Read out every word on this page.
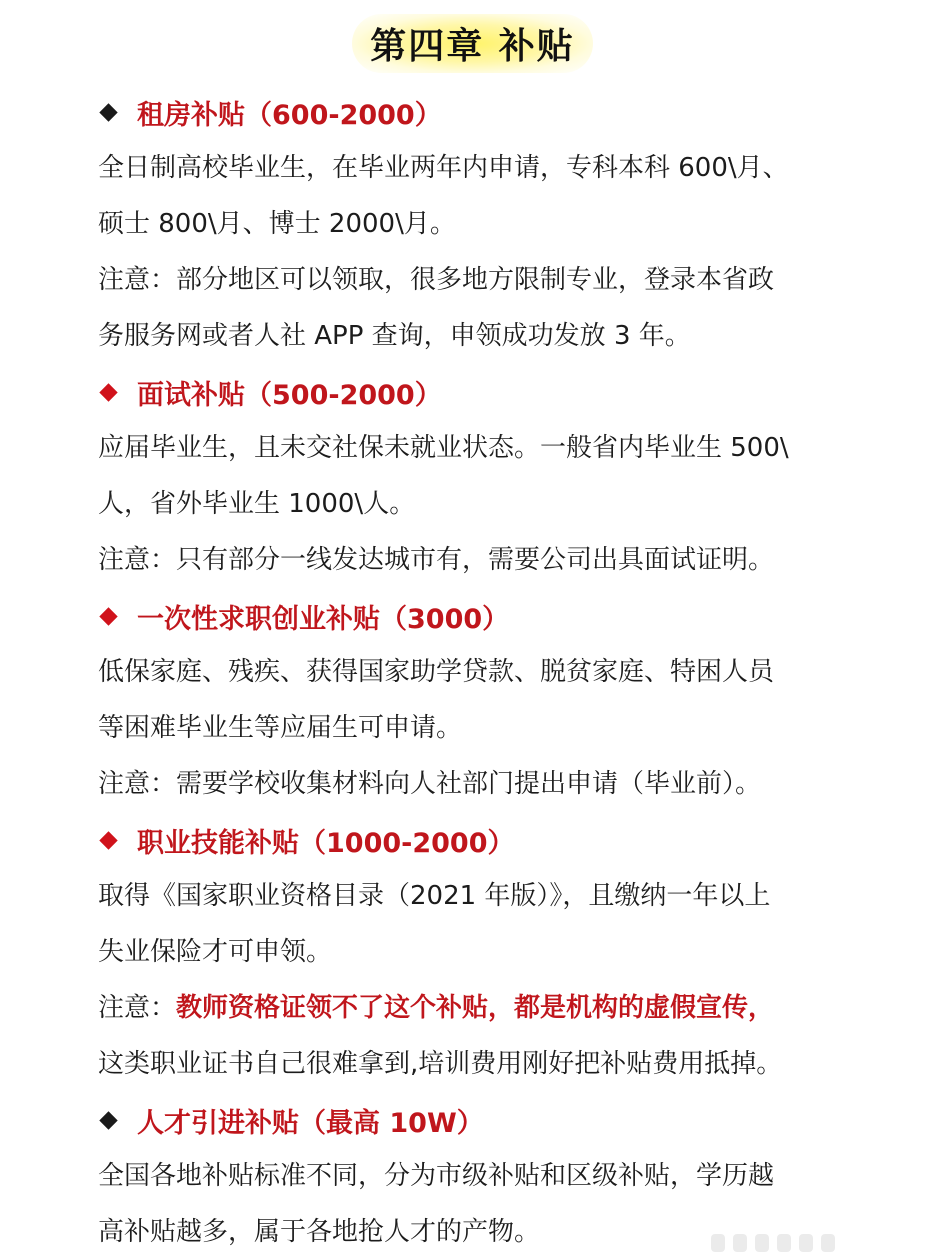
第四章 补贴
租房补贴（600-2000）

全日制高校毕业生，在毕业两年内申请，专科本科 600\月、

硕士 800\月、博士 2000\月。

注意：部分地区可以领取，很多地方限制专业，登录本省政

务服务网或者人社 APP 查询，申领成功发放 3 年。

面试补贴（500-2000）

应届毕业生，且未交社保未就业状态。一般省内毕业生 500\

人，省外毕业生 1000\人。

注意：只有部分一线发达城市有，需要公司出具面试证明。

一次性求职创业补贴（3000）

低保家庭、残疾、获得国家助学贷款、脱贫家庭、特困人员

等困难毕业生等应届生可申请。

注意：需要学校收集材料向人社部门提出申请（毕业前）。

职业技能补贴（1000-2000）

取得《国家职业资格目录（2021 年版）》，且缴纳一年以上

失业保险才可申领。

注意：教师资格证领不了这个补贴，都是机构的虚假宣传，

这类职业证书自己很难拿到,培训费用刚好把补贴费用抵掉。

人才引进补贴（最高 10W）

全国各地补贴标准不同，分为市级补贴和区级补贴，学历越

高补贴越多，属于各地抢人才的产物。
